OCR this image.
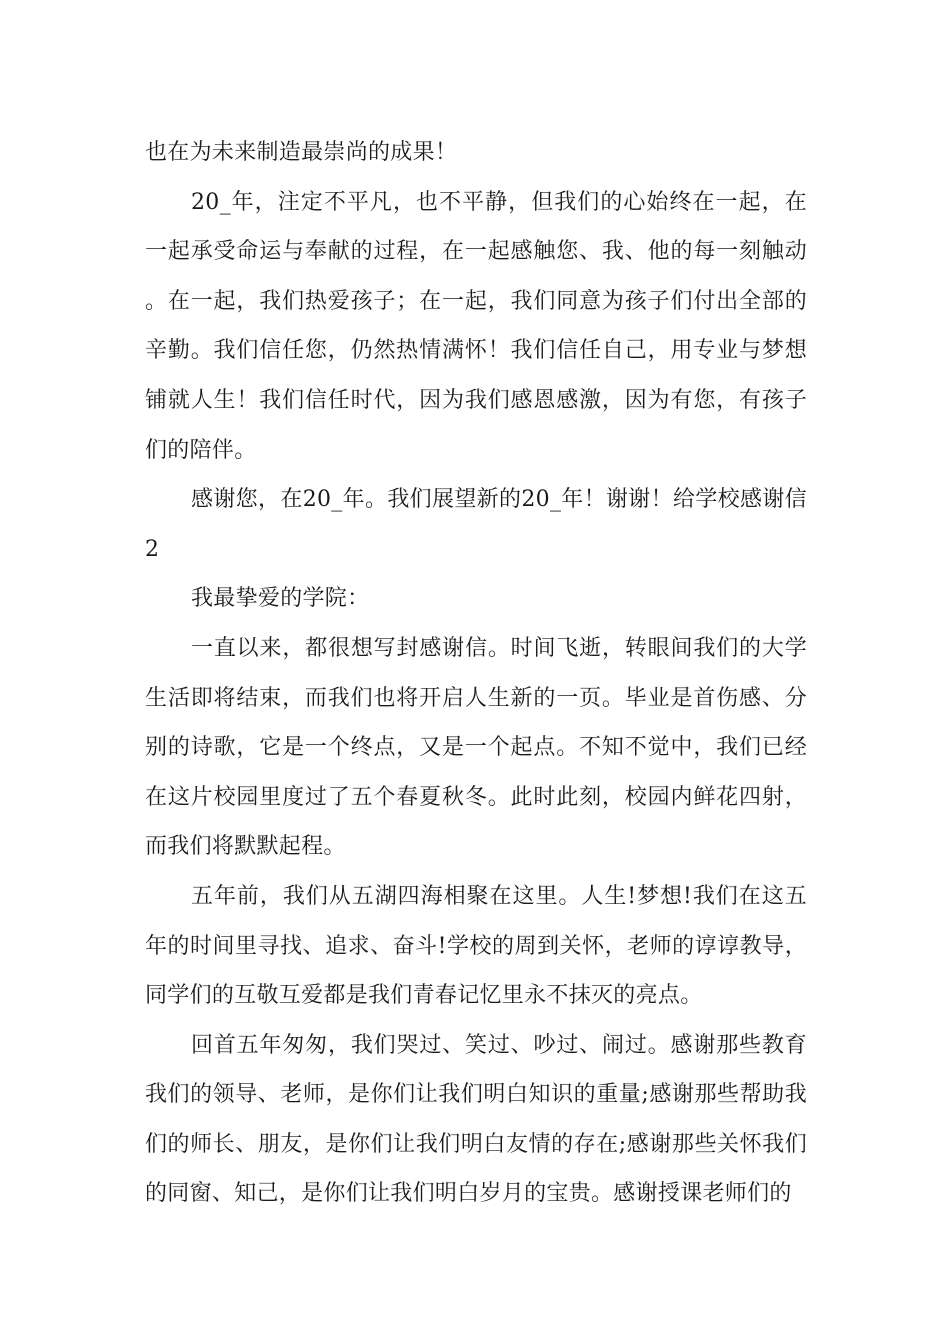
也在为未来制造最崇尚的成果！

20_年，注定不平凡，也不平静，但我们的心始终在一起，在一起承受命运与奉献的过程，在一起感触您、我、他的每一刻触动。在一起，我们热爱孩子；在一起，我们同意为孩子们付出全部的辛勤。我们信任您，仍然热情满怀！我们信任自己，用专业与梦想铺就人生！我们信任时代，因为我们感恩感激，因为有您，有孩子们的陪伴。

感谢您，在20_年。我们展望新的20_年！谢谢！给学校感谢信2

我最挚爱的学院：

一直以来，都很想写封感谢信。时间飞逝，转眼间我们的大学生活即将结束，而我们也将开启人生新的一页。毕业是首伤感、分别的诗歌，它是一个终点，又是一个起点。不知不觉中，我们已经在这片校园里度过了五个春夏秋冬。此时此刻，校园内鲜花四射，而我们将默默起程。

五年前，我们从五湖四海相聚在这里。人生!梦想!我们在这五年的时间里寻找、追求、奋斗!学校的周到关怀，老师的谆谆教导，同学们的互敬互爱都是我们青春记忆里永不抹灭的亮点。

回首五年匆匆，我们哭过、笑过、吵过、闹过。感谢那些教育我们的领导、老师，是你们让我们明白知识的重量;感谢那些帮助我们的师长、朋友，是你们让我们明白友情的存在;感谢那些关怀我们的同窗、知己，是你们让我们明白岁月的宝贵。感谢授课老师们的
